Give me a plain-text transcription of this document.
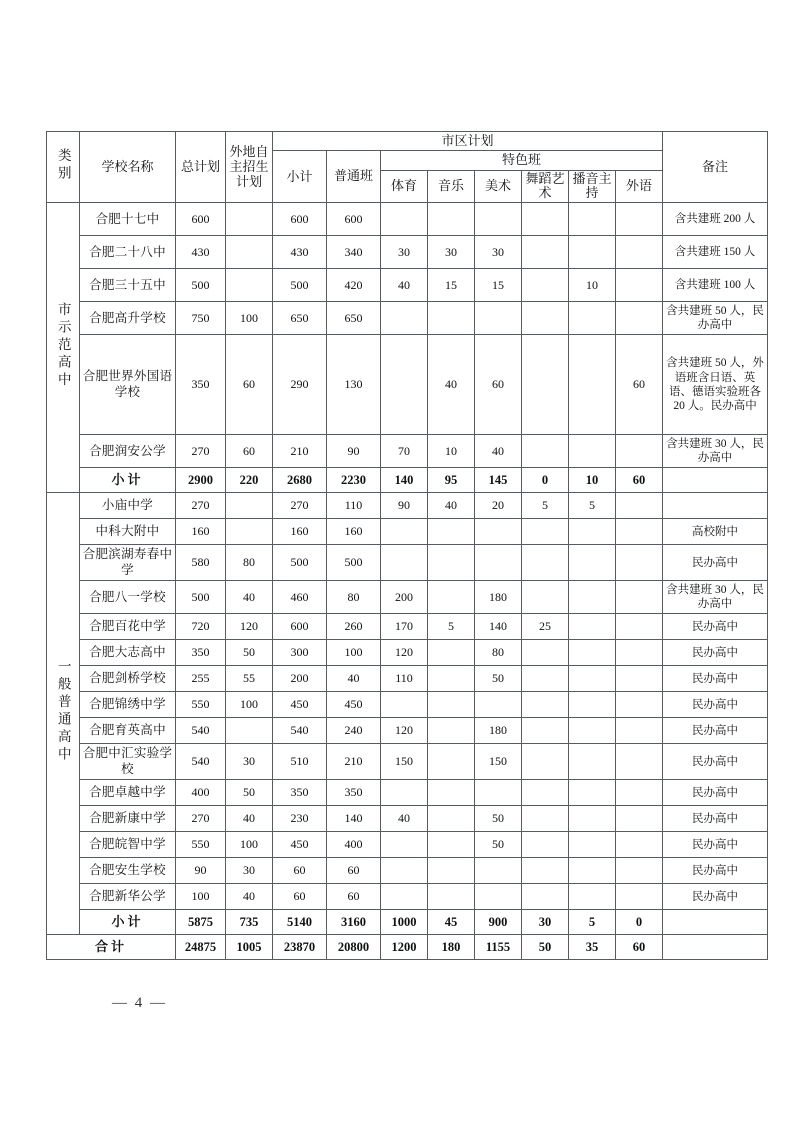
类别	学校名称	总计划	外地自主招生计划	市区计划								备注
				小计	普通班	特色班						
						体育	音乐	美术	舞蹈艺术	播音主持	外语	
市示范高中	合肥十七中	600		600	600							含共建班 200 人
	合肥二十八中	430		430	340	30	30	30				含共建班 150 人
	合肥三十五中	500		500	420	40	15	15		10		含共建班 100 人
	合肥高升学校	750	100	650	650							含共建班 50 人，民办高中
	合肥世界外国语学校	350	60	290	130		40	60			60	含共建班 50 人，外语班含日语、英语、德语实验班各 20 人。民办高中
	合肥润安公学	270	60	210	90	70	10	40				含共建班 30 人，民办高中
	小计	2900	220	2680	2230	140	95	145	0	10	60	
一般普通高中	小庙中学	270		270	110	90	40	20	5	5		
	中科大附中	160		160	160							高校附中
	合肥滨湖寿春中学	580	80	500	500							民办高中
	合肥八一学校	500	40	460	80	200		180				含共建班 30 人，民办高中
	合肥百花中学	720	120	600	260	170	5	140	25			民办高中
	合肥大志高中	350	50	300	100	120		80				民办高中
	合肥剑桥学校	255	55	200	40	110		50				民办高中
	合肥锦绣中学	550	100	450	450							民办高中
	合肥育英高中	540		540	240	120		180				民办高中
	合肥中汇实验学校	540	30	510	210	150		150				民办高中
	合肥卓越中学	400	50	350	350							民办高中
	合肥新康中学	270	40	230	140	40		50				民办高中
	合肥皖智中学	550	100	450	400			50				民办高中
	合肥安生学校	90	30	60	60							民办高中
	合肥新华公学	100	40	60	60							民办高中
	小计	5875	735	5140	3160	1000	45	900	30	5	0	
合计		24875	1005	23870	20800	1200	180	1155	50	35	60	
— 4 —
